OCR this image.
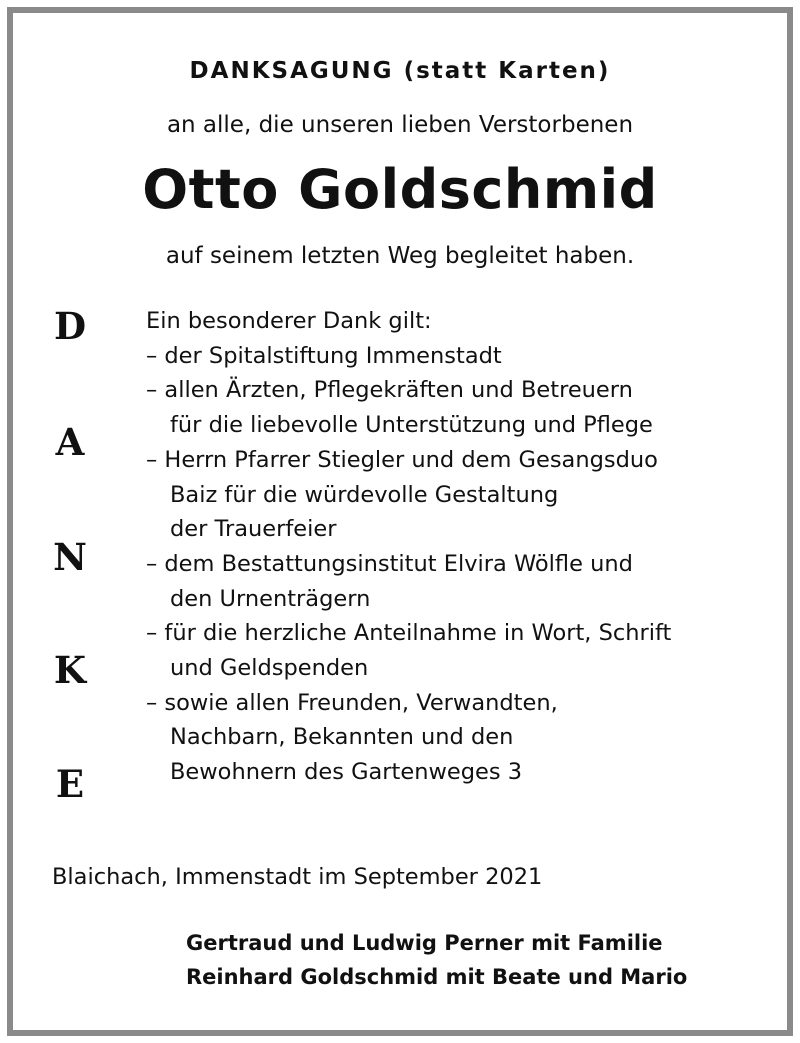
DANKSAGUNG (statt Karten)
an alle, die unseren lieben Verstorbenen
Otto Goldschmid
auf seinem letzten Weg begleitet haben.
D
A
N
K
E
Ein besonderer Dank gilt:
– der Spitalstiftung Immenstadt
– allen Ärzten, Pflegekräften und Betreuern
für die liebevolle Unterstützung und Pflege
– Herrn Pfarrer Stiegler und dem Gesangsduo
Baiz für die würdevolle Gestaltung
der Trauerfeier
– dem Bestattungsinstitut Elvira Wölfle und
den Urnenträgern
– für die herzliche Anteilnahme in Wort, Schrift
und Geldspenden
– sowie allen Freunden, Verwandten,
Nachbarn, Bekannten und den
Bewohnern des Gartenweges 3
Blaichach, Immenstadt im September 2021
Gertraud und Ludwig Perner mit Familie
Reinhard Goldschmid mit Beate und Mario
